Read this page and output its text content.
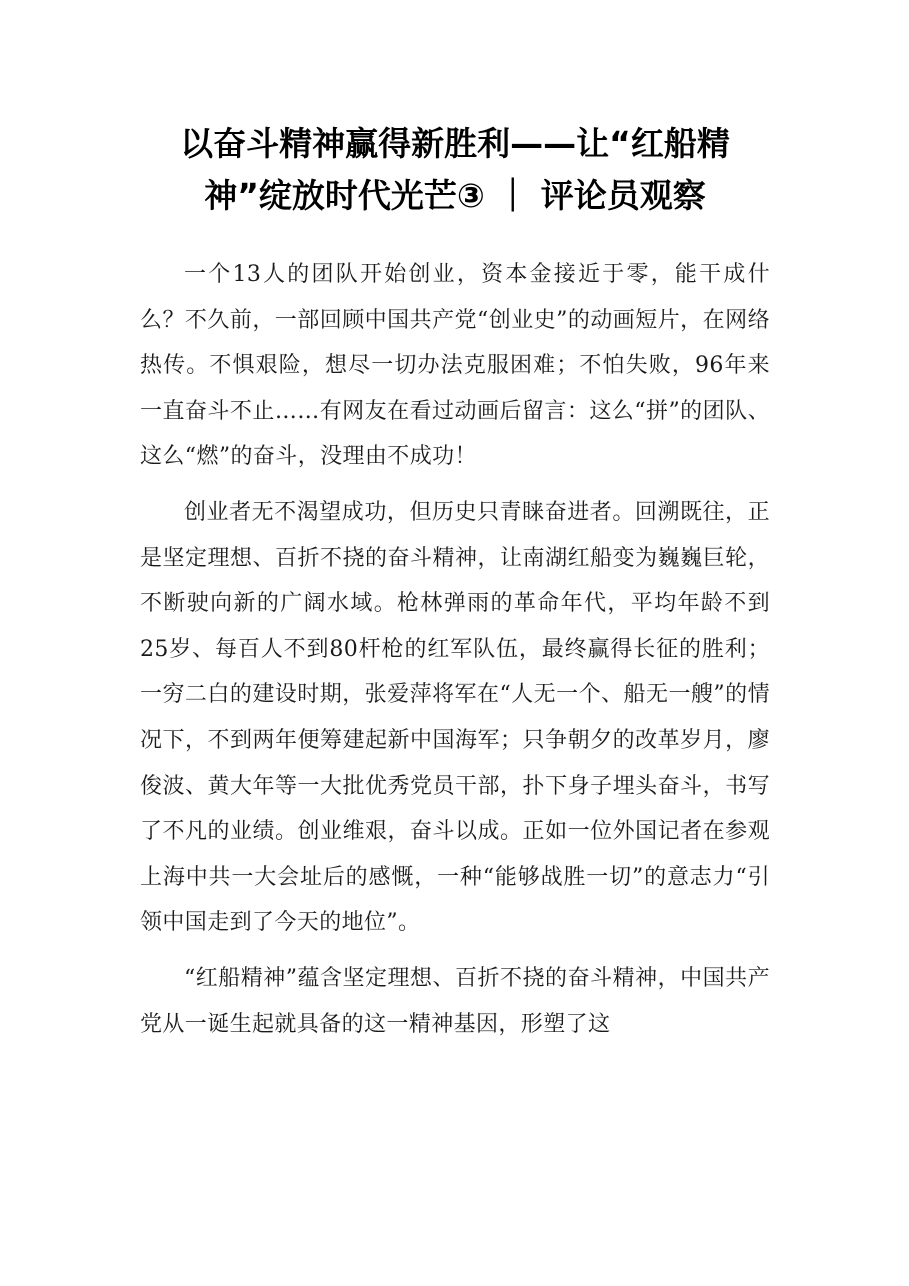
以奋斗精神赢得新胜利——让“红船精神”绽放时代光芒③ ｜ 评论员观察

一个13人的团队开始创业，资本金接近于零，能干成什么？不久前，一部回顾中国共产党“创业史”的动画短片，在网络热传。不惧艰险，想尽一切办法克服困难；不怕失败，96年来一直奋斗不止……有网友在看过动画后留言：这么“拼”的团队、这么“燃”的奋斗，没理由不成功！

创业者无不渴望成功，但历史只青睐奋进者。回溯既往，正是坚定理想、百折不挠的奋斗精神，让南湖红船变为巍巍巨轮，不断驶向新的广阔水域。枪林弹雨的革命年代，平均年龄不到25岁、每百人不到80杆枪的红军队伍，最终赢得长征的胜利；一穷二白的建设时期，张爱萍将军在“人无一个、船无一艘”的情况下，不到两年便筹建起新中国海军；只争朝夕的改革岁月，廖俊波、黄大年等一大批优秀党员干部，扑下身子埋头奋斗，书写了不凡的业绩。创业维艰，奋斗以成。正如一位外国记者在参观上海中共一大会址后的感慨，一种“能够战胜一切”的意志力“引领中国走到了今天的地位”。

“红船精神”蕴含坚定理想、百折不挠的奋斗精神，中国共产党从一诞生起就具备的这一精神基因，形塑了这
